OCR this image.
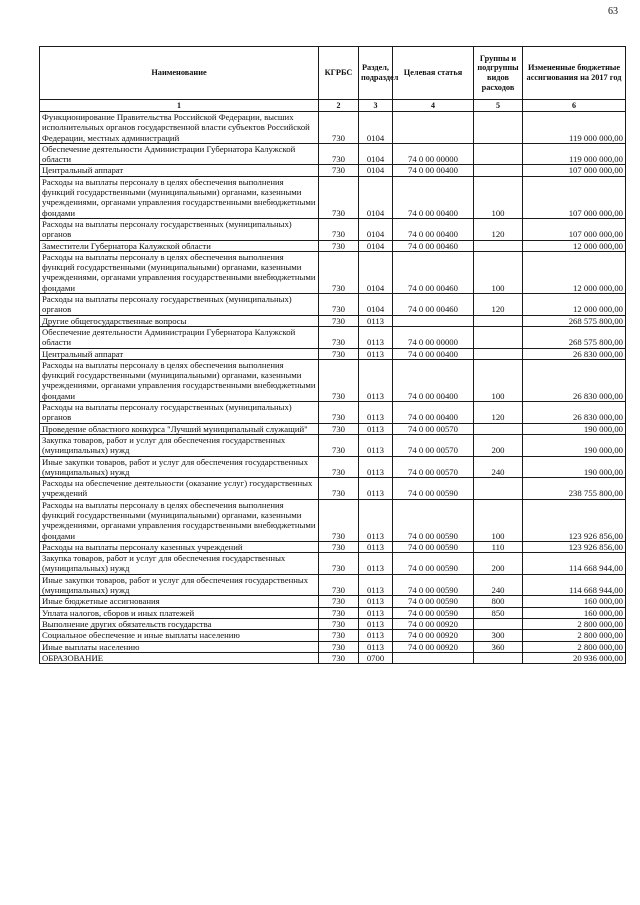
63
Наименование	КГРБС	Раздел, подраздел	Целевая статья	Группы и подгруппы видов расходов	Измененные бюджетные ассигнования на 2017 год
1	2	3	4	5	6
Функционирование Правительства Российской Федерации, высших исполнительных органов государственной власти субъектов Российской Федерации, местных администраций	730	0104			119 000 000,00
Обеспечение деятельности Администрации Губернатора Калужской области	730	0104	74 0 00 00000		119 000 000,00
Центральный аппарат	730	0104	74 0 00 00400		107 000 000,00
Расходы на выплаты персоналу в целях обеспечения выполнения функций государственными (муниципальными) органами, казенными учреждениями, органами управления государственными внебюджетными фондами	730	0104	74 0 00 00400	100	107 000 000,00
Расходы на выплаты персоналу государственных (муниципальных) органов	730	0104	74 0 00 00400	120	107 000 000,00
Заместители Губернатора Калужской области	730	0104	74 0 00 00460		12 000 000,00
Расходы на выплаты персоналу в целях обеспечения выполнения функций государственными (муниципальными) органами, казенными учреждениями, органами управления государственными внебюджетными фондами	730	0104	74 0 00 00460	100	12 000 000,00
Расходы на выплаты персоналу государственных (муниципальных) органов	730	0104	74 0 00 00460	120	12 000 000,00
Другие общегосударственные вопросы	730	0113			268 575 800,00
Обеспечение деятельности Администрации Губернатора Калужской области	730	0113	74 0 00 00000		268 575 800,00
Центральный аппарат	730	0113	74 0 00 00400		26 830 000,00
Расходы на выплаты персоналу в целях обеспечения выполнения функций государственными (муниципальными) органами, казенными учреждениями, органами управления государственными внебюджетными фондами	730	0113	74 0 00 00400	100	26 830 000,00
Расходы на выплаты персоналу государственных (муниципальных) органов	730	0113	74 0 00 00400	120	26 830 000,00
Проведение областного конкурса "Лучший муниципальный служащий"	730	0113	74 0 00 00570		190 000,00
Закупка товаров, работ и услуг для обеспечения государственных (муниципальных) нужд	730	0113	74 0 00 00570	200	190 000,00
Иные закупки товаров, работ и услуг для обеспечения государственных (муниципальных) нужд	730	0113	74 0 00 00570	240	190 000,00
Расходы на обеспечение деятельности (оказание услуг) государственных учреждений	730	0113	74 0 00 00590		238 755 800,00
Расходы на выплаты персоналу в целях обеспечения выполнения функций государственными (муниципальными) органами, казенными учреждениями, органами управления государственными внебюджетными фондами	730	0113	74 0 00 00590	100	123 926 856,00
Расходы на выплаты персоналу казенных учреждений	730	0113	74 0 00 00590	110	123 926 856,00
Закупка товаров, работ и услуг для обеспечения государственных (муниципальных) нужд	730	0113	74 0 00 00590	200	114 668 944,00
Иные закупки товаров, работ и услуг для обеспечения государственных (муниципальных) нужд	730	0113	74 0 00 00590	240	114 668 944,00
Иные бюджетные ассигнования	730	0113	74 0 00 00590	800	160 000,00
Уплата налогов, сборов и иных платежей	730	0113	74 0 00 00590	850	160 000,00
Выполнение других обязательств государства	730	0113	74 0 00 00920		2 800 000,00
Социальное обеспечение и иные выплаты населению	730	0113	74 0 00 00920	300	2 800 000,00
Иные выплаты населению	730	0113	74 0 00 00920	360	2 800 000,00
ОБРАЗОВАНИЕ	730	0700			20 936 000,00
